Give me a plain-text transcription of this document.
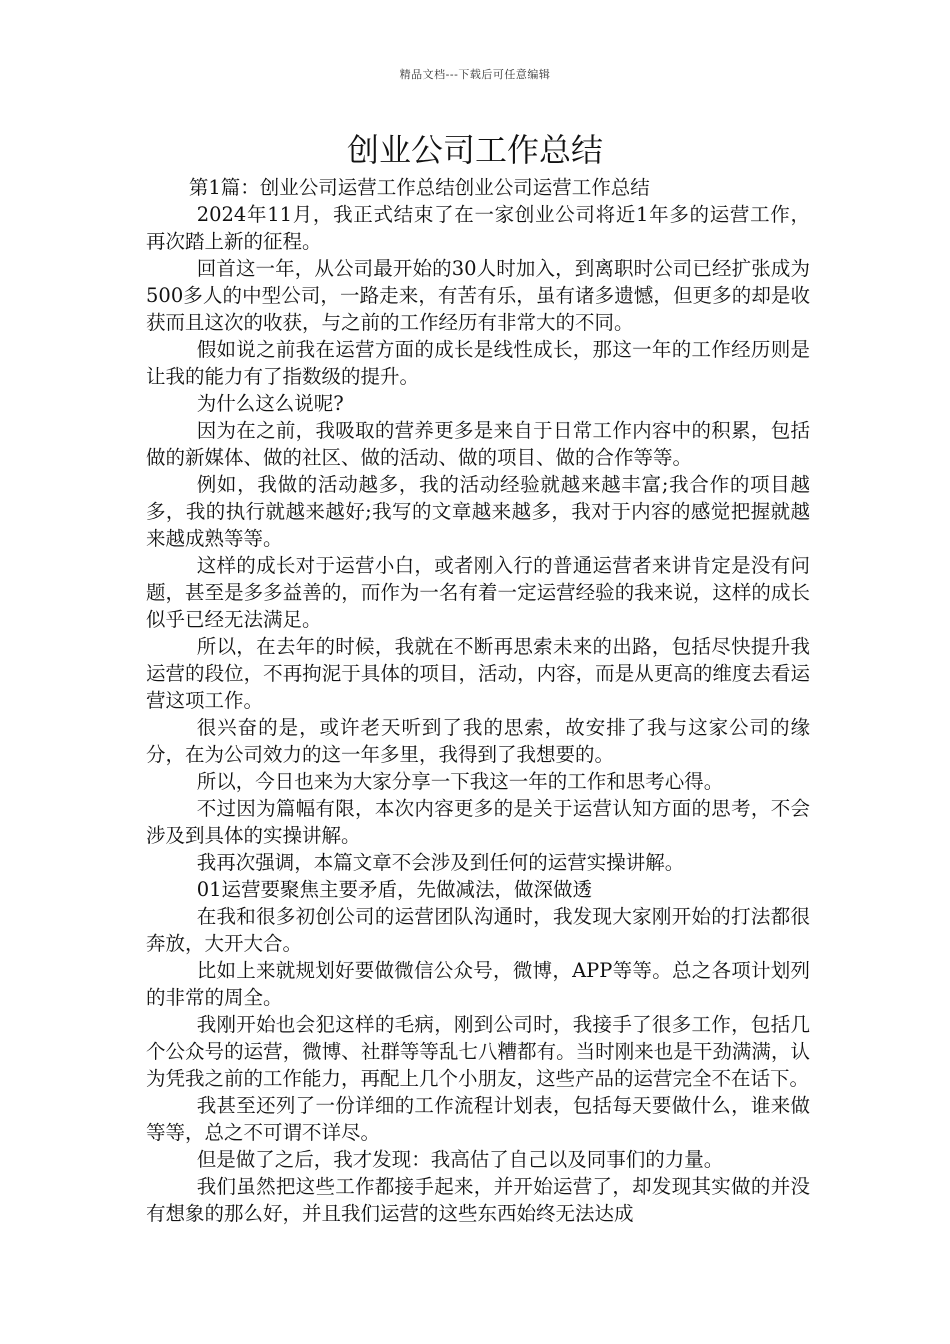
精品文档---下载后可任意编辑
创业公司工作总结

第1篇：创业公司运营工作总结创业公司运营工作总结

2024年11月，我正式结束了在一家创业公司将近1年多的运营工作，再次踏上新的征程。

回首这一年，从公司最开始的30人时加入，到离职时公司已经扩张成为500多人的中型公司，一路走来，有苦有乐，虽有诸多遗憾，但更多的却是收获而且这次的收获，与之前的工作经历有非常大的不同。

假如说之前我在运营方面的成长是线性成长，那这一年的工作经历则是让我的能力有了指数级的提升。

为什么这么说呢?

因为在之前，我吸取的营养更多是来自于日常工作内容中的积累，包括做的新媒体、做的社区、做的活动、做的项目、做的合作等等。

例如，我做的活动越多，我的活动经验就越来越丰富;我合作的项目越多，我的执行就越来越好;我写的文章越来越多，我对于内容的感觉把握就越来越成熟等等。

这样的成长对于运营小白，或者刚入行的普通运营者来讲肯定是没有问题，甚至是多多益善的，而作为一名有着一定运营经验的我来说，这样的成长似乎已经无法满足。

所以，在去年的时候，我就在不断再思索未来的出路，包括尽快提升我运营的段位，不再拘泥于具体的项目，活动，内容，而是从更高的维度去看运营这项工作。

很兴奋的是，或许老天听到了我的思索，故安排了我与这家公司的缘分，在为公司效力的这一年多里，我得到了我想要的。

所以，今日也来为大家分享一下我这一年的工作和思考心得。

不过因为篇幅有限，本次内容更多的是关于运营认知方面的思考，不会涉及到具体的实操讲解。

我再次强调，本篇文章不会涉及到任何的运营实操讲解。

01运营要聚焦主要矛盾，先做减法，做深做透

在我和很多初创公司的运营团队沟通时，我发现大家刚开始的打法都很奔放，大开大合。

比如上来就规划好要做微信公众号，微博，APP等等。总之各项计划列的非常的周全。

我刚开始也会犯这样的毛病，刚到公司时，我接手了很多工作，包括几个公众号的运营，微博、社群等等乱七八糟都有。当时刚来也是干劲满满，认为凭我之前的工作能力，再配上几个小朋友，这些产品的运营完全不在话下。

我甚至还列了一份详细的工作流程计划表，包括每天要做什么，谁来做等等，总之不可谓不详尽。

但是做了之后，我才发现：我高估了自己以及同事们的力量。

我们虽然把这些工作都接手起来，并开始运营了，却发现其实做的并没有想象的那么好，并且我们运营的这些东西始终无法达成
